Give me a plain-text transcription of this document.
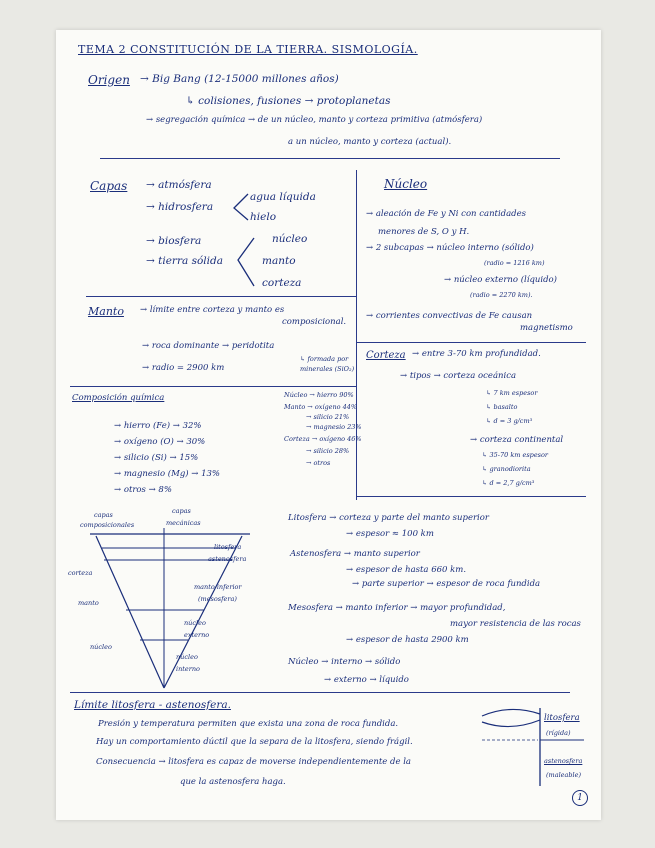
TEMA 2 CONSTITUCIÓN DE LA TIERRA. SISMOLOGÍA.
Origen → Big Bang (12-15000 millones años)
↳ colisiones, fusiones → protoplanetas
→ segregación química → de un núcleo, manto y corteza primitiva (atmósfera)
a un núcleo, manto y corteza (actual).
Capas → atmósfera
→ hidrosfera
agua líquida
hielo
→ biosfera
→ tierra sólida
núcleo
manto
corteza
Núcleo
→ aleación de Fe y Ni con cantidades
menores de S, O y H.
→ 2 subcapas → núcleo interno (sólido)
(radio = 1216 km)
→ núcleo externo (líquido)
(radio = 2270 km).
→ corrientes convectivas de Fe causan
magnetismo
Manto → límite entre corteza y manto es
composicional.
→ roca dominante → peridotita
↳ formada por
minerales (SiO₂)
→ radio = 2900 km
Corteza → entre 3-70 km profundidad.
→ tipos → corteza oceánica
↳ 7 km espesor
↳ basalto
↳ d = 3 g/cm³
→ corteza continental
↳ 35-70 km espesor
↳ granodiorita
↳ d = 2,7 g/cm³
Composición química
→ hierro (Fe) → 32%
→ oxígeno (O) → 30%
→ silicio (Si) → 15%
→ magnesio (Mg) → 13%
→ otros → 8%
Núcleo → hierro 90%
Manto → oxígeno 44%
→ silicio 21%
→ magnesio 23%
Corteza → oxígeno 46%
→ silicio 28%
→ otros
capas
composicionales
capas
mecánicas
litosfera
astenosfera
corteza
manto
manto inferior
(mesosfera)
núcleo
externo
núcleo
núcleo
interno
Litosfera → corteza y parte del manto superior
→ espesor ≈ 100 km
Astenosfera → manto superior
→ espesor de hasta 660 km.
→ parte superior → espesor de roca fundida
Mesosfera → manto inferior → mayor profundidad,
mayor resistencia de las rocas
→ espesor de hasta 2900 km
Núcleo → interno → sólido
→ externo → líquido
Límite litosfera - astenosfera.
Presión y temperatura permiten que exista una zona de roca fundida.
Hay un comportamiento dúctil que la separa de la litosfera, siendo frágil.
Consecuencia → litosfera es capaz de moverse independientemente de la
que la astenosfera haga.
litosfera
(rígida)
astenosfera
(maleable)
1
